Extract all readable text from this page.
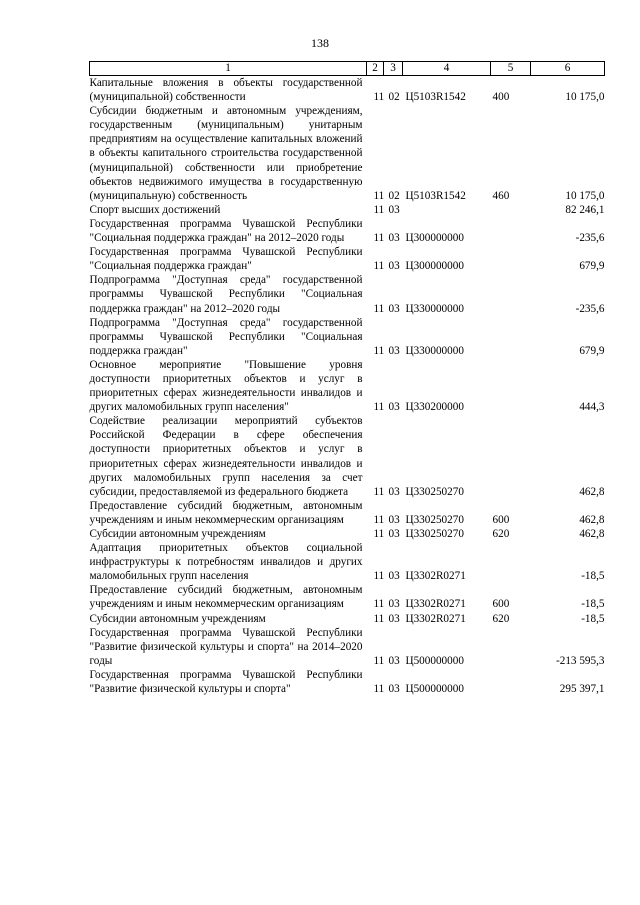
138
1	2	3	4	5	6
Капитальные вложения в объекты государственной (муниципальной) собственности	11	02	Ц5103R1542	400	10 175,0
Субсидии бюджетным и автономным учреждениям, государственным (муниципальным) унитарным предприятиям на осуществление капитальных вложений в объекты капитального строительства государственной (муниципальной) собственности или приобретение объектов недвижимого имущества в государственную (муниципальную) собственность	11	02	Ц5103R1542	460	10 175,0
Спорт высших достижений	11	03			82 246,1
Государственная программа Чувашской Республики "Социальная поддержка граждан" на 2012–2020 годы	11	03	Ц300000000		-235,6
Государственная программа Чувашской Республики "Социальная поддержка граждан"	11	03	Ц300000000		679,9
Подпрограмма "Доступная среда" государственной программы Чувашской Республики "Социальная поддержка граждан" на 2012–2020 годы	11	03	Ц330000000		-235,6
Подпрограмма "Доступная среда" государственной программы Чувашской Республики "Социальная поддержка граждан"	11	03	Ц330000000		679,9
Основное мероприятие "Повышение уровня доступности приоритетных объектов и услуг в приоритетных сферах жизнедеятельности инвалидов и других маломобильных групп населения"	11	03	Ц330200000		444,3
Содействие реализации мероприятий субъектов Российской Федерации в сфере обеспечения доступности приоритетных объектов и услуг в приоритетных сферах жизнедеятельности инвалидов и других маломобильных групп населения за счет субсидии, предоставляемой из федерального бюджета	11	03	Ц330250270		462,8
Предоставление субсидий бюджетным, автономным учреждениям и иным некоммерческим организациям	11	03	Ц330250270	600	462,8
Субсидии автономным учреждениям	11	03	Ц330250270	620	462,8
Адаптация приоритетных объектов социальной инфраструктуры к потребностям инвалидов и других маломобильных групп населения	11	03	Ц3302R0271		-18,5
Предоставление субсидий бюджетным, автономным учреждениям и иным некоммерческим организациям	11	03	Ц3302R0271	600	-18,5
Субсидии автономным учреждениям	11	03	Ц3302R0271	620	-18,5
Государственная программа Чувашской Республики "Развитие физической культуры и спорта" на 2014–2020 годы	11	03	Ц500000000		-213 595,3
Государственная программа Чувашской Республики "Развитие физической культуры и спорта"	11	03	Ц500000000		295 397,1
